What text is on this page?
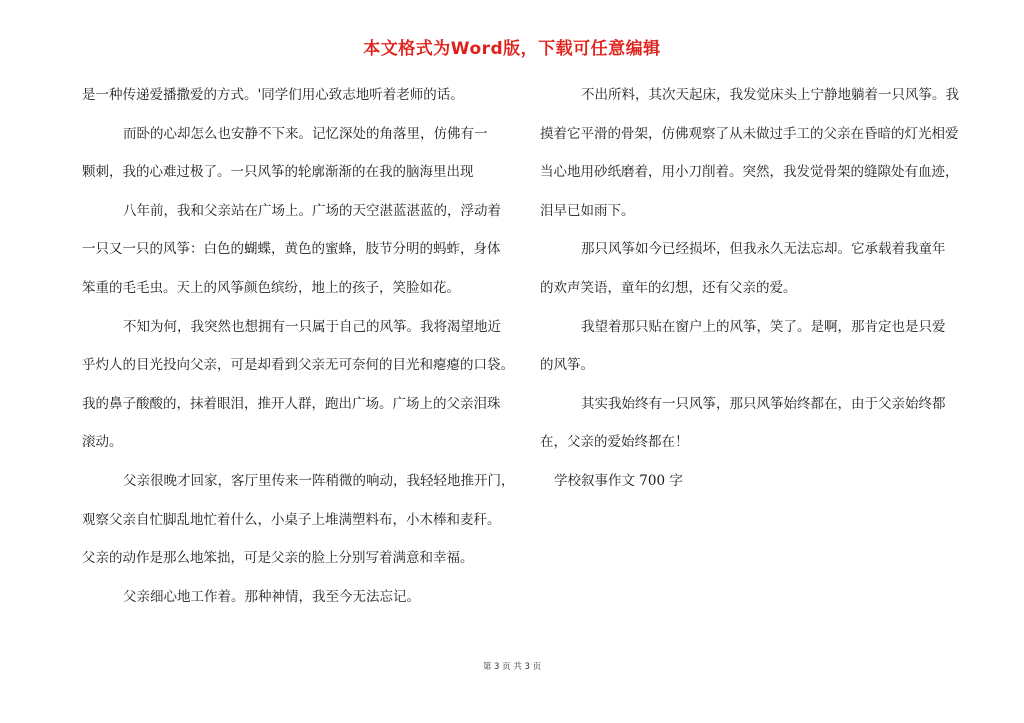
本文格式为Word版，下载可任意编辑
是一种传递爱播撒爱的方式。'同学们用心致志地听着老师的话。
而卧的心却怎么也安静不下来。记忆深处的角落里，仿佛有一
颗刺，我的心难过极了。一只风筝的轮廓渐渐的在我的脑海里出现
八年前，我和父亲站在广场上。广场的天空湛蓝湛蓝的，浮动着
一只又一只的风筝：白色的蝴蝶，黄色的蜜蜂，肢节分明的蚂蚱，身体
笨重的毛毛虫。天上的风筝颜色缤纷，地上的孩子，笑脸如花。
不知为何，我突然也想拥有一只属于自己的风筝。我将渴望地近
乎灼人的目光投向父亲，可是却看到父亲无可奈何的目光和瘪瘪的口袋。
我的鼻子酸酸的，抹着眼泪，推开人群，跑出广场。广场上的父亲泪珠
滚动。
父亲很晚才回家，客厅里传来一阵稍微的响动，我轻轻地推开门，
观察父亲自忙脚乱地忙着什么，小桌子上堆满塑料布，小木棒和麦秆。
父亲的动作是那么地笨拙，可是父亲的脸上分别写着满意和幸福。
父亲细心地工作着。那种神情，我至今无法忘记。
不出所料，其次天起床，我发觉床头上宁静地躺着一只风筝。我
摸着它平滑的骨架，仿佛观察了从未做过手工的父亲在昏暗的灯光相爱
当心地用砂纸磨着，用小刀削着。突然，我发觉骨架的缝隙处有血迹，
泪早已如雨下。
那只风筝如今已经损坏，但我永久无法忘却。它承载着我童年
的欢声笑语，童年的幻想，还有父亲的爱。
我望着那只贴在窗户上的风筝，笑了。是啊，那肯定也是只爱
的风筝。
其实我始终有一只风筝，那只风筝始终都在，由于父亲始终都
在，父亲的爱始终都在！
学校叙事作文 700 字
第 3 页 共 3 页
